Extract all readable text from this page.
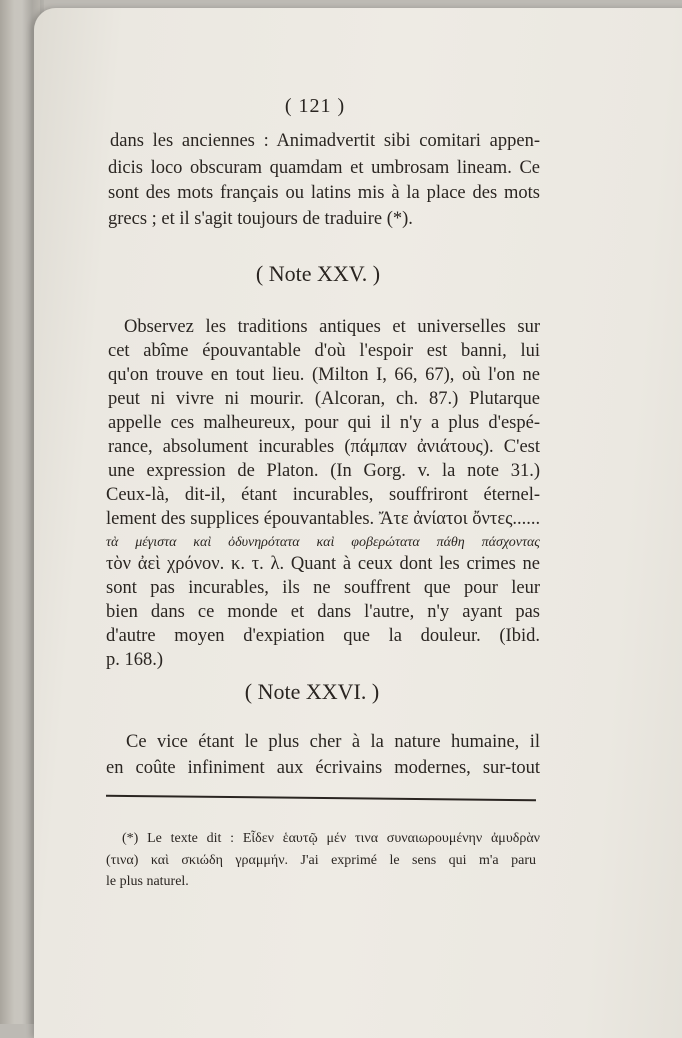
( 121 )
dans les anciennes : Animadvertit sibi comitari appen-
dicis loco obscuram quamdam et umbrosam lineam. Ce
sont des mots français ou latins mis à la place des mots
grecs ; et il s'agit toujours de traduire (*).
( Note XXV. )
Observez les traditions antiques et universelles sur
cet abîme épouvantable d'où l'espoir est banni, lui
qu'on trouve en tout lieu. (Milton I, 66, 67), où l'on ne
peut ni vivre ni mourir. (Alcoran, ch. 87.) Plutarque
appelle ces malheureux, pour qui il n'y a plus d'espé-
rance, absolument incurables (πάμπαν ἀνιάτους). C'est
une expression de Platon. (In Gorg. v. la note 31.)
Ceux-là, dit-il, étant incurables, souffriront éternel-
lement des supplices épouvantables. Ἄτε ἀνίατοι ὄντες......
τὰ μέγιστα καὶ ὀδυνηρότατα καὶ φοβερώτατα πάθη πάσχοντας
τὸν ἀεὶ χρόνον. κ. τ. λ. Quant à ceux dont les crimes ne
sont pas incurables, ils ne souffrent que pour leur
bien dans ce monde et dans l'autre, n'y ayant pas
d'autre moyen d'expiation que la douleur. (Ibid.
p. 168.)
( Note XXVI. )
Ce vice étant le plus cher à la nature humaine, il
en coûte infiniment aux écrivains modernes, sur-tout
(*) Le texte dit : Εἶδεν ἑαυτῷ μέν τινα συναιωρουμένην ἀμυδρὰν
(τινα) καὶ σκιώδη γραμμήν. J'ai exprimé le sens qui m'a paru
le plus naturel.
